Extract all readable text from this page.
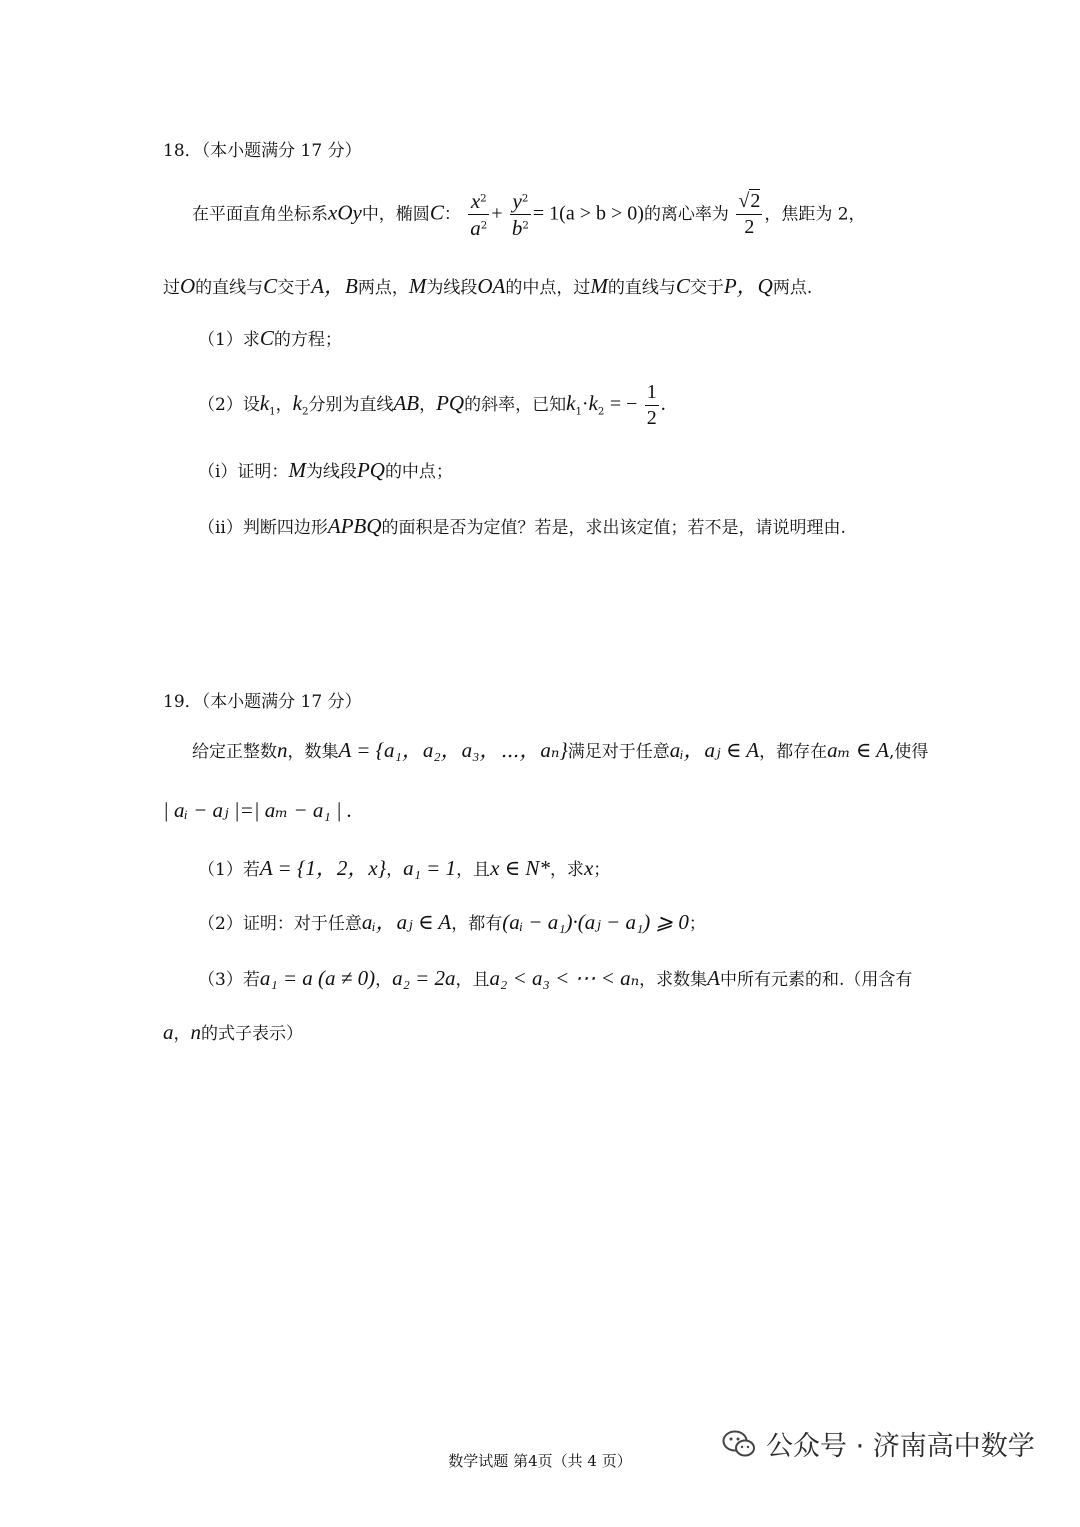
18．（本小题满分 17 分）
在平面直角坐标系xOy中，椭圆C： $\frac{x^2}{a^2} + \frac{y^2}{b^2} = 1(a > b > 0)$的离心率为 $\frac{√2}{2}$ ，焦距为 2，
过O的直线与C交于A，B两点，M为线段OA的中点，过M的直线与C交于P，Q两点.
（1）求C的方程；
（2）设$k_1$，$k_2$分别为直线AB，PQ的斜率，已知$k_1\cdot k_2$ = − $\frac{1}{2}$ .
（i）证明：M为线段PQ的中点；
（ii）判断四边形APBQ的面积是否为定值？若是，求出该定值；若不是，请说明理由.
19．（本小题满分 17 分）
给定正整数n，数集A = {a₁，a₂，a₃，⋯，aₙ}满足对于任意aᵢ，aⱼ ∈ A，都存在aₘ ∈ A,使得
| aᵢ − aⱼ |=| aₘ − a₁ | .
（1）若A = {1，2，x}，a₁ = 1，且x ∈ N*，求x；
（2）证明：对于任意aᵢ，aⱼ ∈ A，都有(aᵢ − a₁)·(aⱼ − a₁) ⩾ 0；
（3）若a₁ = a (a ≠ 0)，a₂ = 2a，且a₂ < a₃ < ⋯ < aₙ，求数集A中所有元素的和.（用含有
a，n的式子表示）
数学试题 第4页（共 4 页）	公众号 · 济南高中数学
